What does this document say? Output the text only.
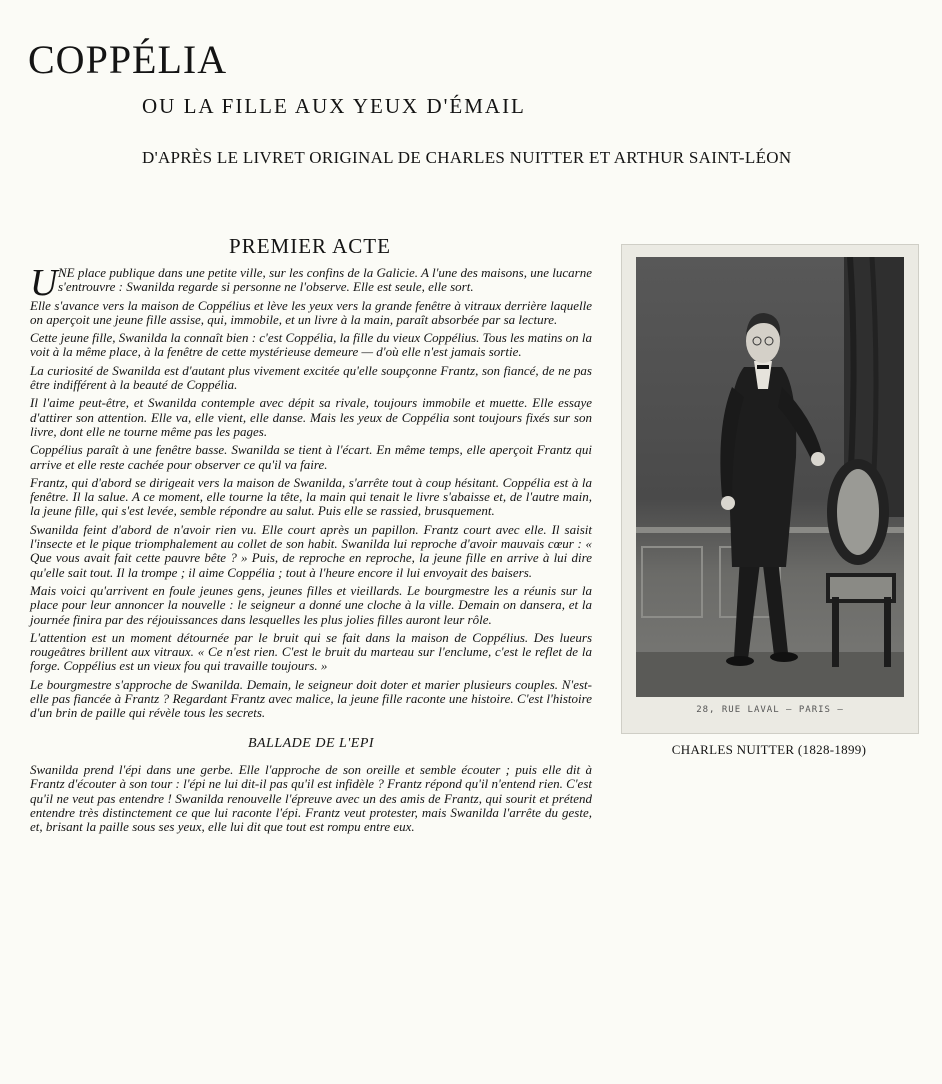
COPPÉLIA
OU LA FILLE AUX YEUX D'ÉMAIL
D'APRÈS LE LIVRET ORIGINAL DE CHARLES NUITTER ET ARTHUR SAINT-LÉON
PREMIER ACTE

U NE place publique dans une petite ville, sur les confins de la Galicie. A l'une des maisons, une lucarne s'entrouvre : Swanilda regarde si personne ne l'observe. Elle est seule, elle sort.

Elle s'avance vers la maison de Coppélius et lève les yeux vers la grande fenêtre à vitraux derrière laquelle on aperçoit une jeune fille assise, qui, immobile, et un livre à la main, paraît absorbée par sa lecture.

Cette jeune fille, Swanilda la connaît bien : c'est Coppélia, la fille du vieux Coppélius. Tous les matins on la voit à la même place, à la fenêtre de cette mystérieuse demeure — d'où elle n'est jamais sortie.

La curiosité de Swanilda est d'autant plus vivement excitée qu'elle soupçonne Frantz, son fiancé, de ne pas être indifférent à la beauté de Coppélia.

Il l'aime peut-être, et Swanilda contemple avec dépit sa rivale, toujours immobile et muette. Elle essaye d'attirer son attention. Elle va, elle vient, elle danse. Mais les yeux de Coppélia sont toujours fixés sur son livre, dont elle ne tourne même pas les pages.

Coppélius paraît à une fenêtre basse. Swanilda se tient à l'écart. En même temps, elle aperçoit Frantz qui arrive et elle reste cachée pour observer ce qu'il va faire.

Frantz, qui d'abord se dirigeait vers la maison de Swanilda, s'arrête tout à coup hésitant. Coppélia est à la fenêtre. Il la salue. A ce moment, elle tourne la tête, la main qui tenait le livre s'abaisse et, de l'autre main, la jeune fille, qui s'est levée, semble répondre au salut. Puis elle se rassied, brusquement.

Swanilda feint d'abord de n'avoir rien vu. Elle court après un papillon. Frantz court avec elle. Il saisit l'insecte et le pique triomphalement au collet de son habit. Swanilda lui reproche d'avoir mauvais cœur : « Que vous avait fait cette pauvre bête ? » Puis, de reproche en reproche, la jeune fille en arrive à lui dire qu'elle sait tout. Il la trompe ; il aime Coppélia ; tout à l'heure encore il lui envoyait des baisers.

Mais voici qu'arrivent en foule jeunes gens, jeunes filles et vieillards. Le bourgmestre les a réunis sur la place pour leur annoncer la nouvelle : le seigneur a donné une cloche à la ville. Demain on dansera, et la journée finira par des réjouissances dans lesquelles les plus jolies filles auront leur rôle.

L'attention est un moment détournée par le bruit qui se fait dans la maison de Coppélius. Des lueurs rougeâtres brillent aux vitraux. « Ce n'est rien. C'est le bruit du marteau sur l'enclume, c'est le reflet de la forge. Coppélius est un vieux fou qui travaille toujours. »

Le bourgmestre s'approche de Swanilda. Demain, le seigneur doit doter et marier plusieurs couples. N'est-elle pas fiancée à Frantz ? Regardant Frantz avec malice, la jeune fille raconte une histoire. C'est l'histoire d'un brin de paille qui révèle tous les secrets.

BALLADE DE L'EPI

Swanilda prend l'épi dans une gerbe. Elle l'approche de son oreille et semble écouter ; puis elle dit à Frantz d'écouter à son tour : l'épi ne lui dit-il pas qu'il est infidèle ? Frantz répond qu'il n'entend rien. C'est qu'il ne veut pas entendre ! Swanilda renouvelle l'épreuve avec un des amis de Frantz, qui sourit et prétend entendre très distinctement ce que lui raconte l'épi. Frantz veut protester, mais Swanilda l'arrête du geste, et, brisant la paille sous ses yeux, elle lui dit que tout est rompu entre eux.

28, RUE LAVAL — PARIS —
CHARLES NUITTER (1828-1899)
